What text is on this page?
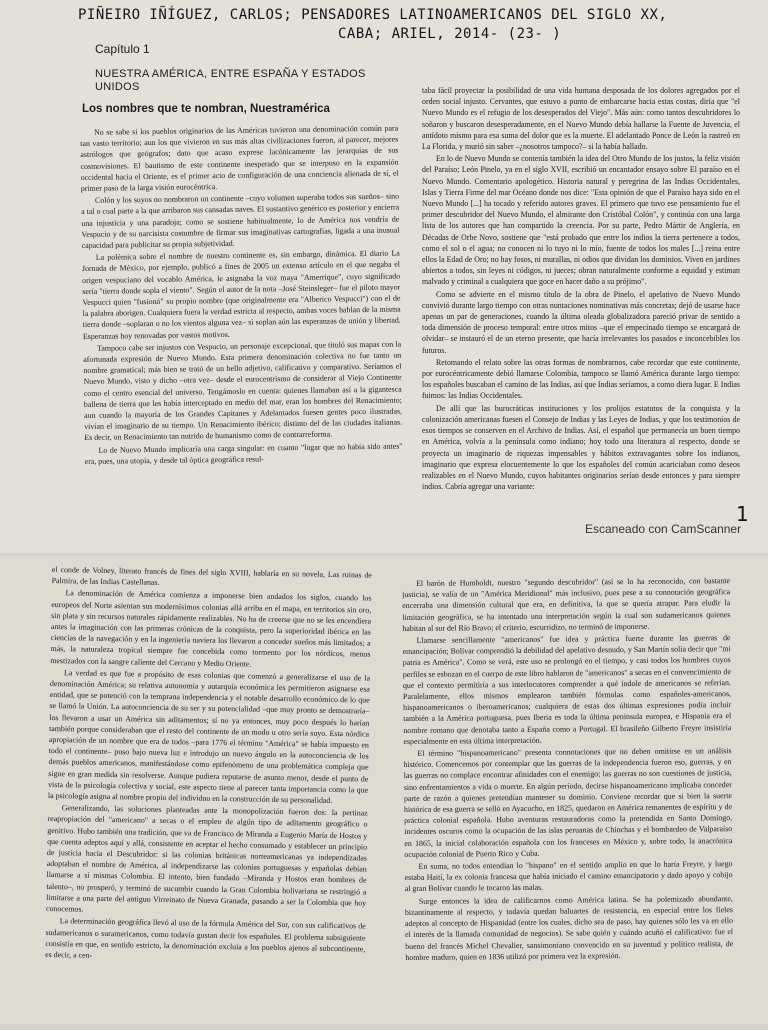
PIÑEIRO IÑÍGUEZ, CARLOS; PENSADORES LATINOAMERICANOS DEL SIGLO XX,
CABA; ARIEL, 2014- (23- )
Capítulo 1
NUESTRA AMÉRICA, ENTRE ESPAÑA Y ESTADOS UNIDOS
Los nombres que te nombran, Nuestramérica

No se sabe si los pueblos originarios de las Américas tuvieron una denominación común para tan vasto territorio; aun los que vivieron en sus más altas civilizaciones fueron, al parecer, mejores astrólogos que geógrafos; dato que acaso exprese lacónicamente las jerarquías de sus cosmovisiones. El bautismo de este continente inesperado que se interpuso en la expansión occidental hacia el Oriente, es el primer acto de configuración de una conciencia alienada de sí, el primer paso de la larga visión eurocéntrica.

Colón y los suyos no nombraron un continente –cuyo volumen superaba todos sus sueños– sino a tal o cual parte a la que arribaron sus cansadas naves. El sustantivo genérico es posterior y encierra una injusticia y una paradoja; como se sostiene habitualmente, lo de América nos vendría de Vespucio y de su narcisista costumbre de firmar sus imaginativas cartografías, ligada a una inusual capacidad para publicitar su propia subjetividad.

La polémica sobre el nombre de nuestro continente es, sin embargo, dinámica. El diario La Jornada de México, por ejemplo, publicó a fines de 2005 un extenso artículo en el que negaba el origen vespuciano del vocablo América, le asignaba la voz maya "Amerrique", cuyo significado sería "tierra donde sopla el viento". Según el autor de la nota –José Steinsleger– fue el piloto mayor Vespucci quien "fusionó" su propio nombre (que originalmente era "Alberico Vespucci") con el de la palabra aborigen. Cualquiera fuera la verdad estricta al respecto, ambas voces hablan de la misma tierra donde –soplaran o no los vientos alguna vez– sí soplan aún las esperanzas de unión y libertad. Esperanzas hoy renovadas por vastos motivos.

Tampoco cabe ser injustos con Vespucio, un personaje excepcional, que tituló sus mapas con la afortunada expresión de Nuevo Mundo. Esta primera denominación colectiva no fue tanto un nombre gramatical; más bien se trató de un bello adjetivo, calificativo y comparativo. Seríamos el Nuevo Mundo, visto y dicho –otra vez– desde el eurocentrismo de considerar al Viejo Continente como el centro esencial del universo. Tengámoslo en cuenta: quienes llamaban así a la gigantesca ballena de tierra que les había interceptado en medio del mar, eran los hombres del Renacimiento; aun cuando la mayoría de los Grandes Capitanes y Adelantados fuesen gentes poco ilustradas, vivían el imaginario de su tiempo. Un Renacimiento ibérico; distinto del de las ciudades italianas. Es decir, un Renacimiento tan nutrido de humanismo como de contrarreforma.

Lo de Nuevo Mundo implicaría una carga singular: en cuanto "lugar que no había sido antes" era, pues, una utopía, y desde tal óptica geográfica resul-

taba fácil proyectar la posibilidad de una vida humana desposada de los dolores agregados por el orden social injusto. Cervantes, que estuvo a punto de embarcarse hacia estas costas, diría que "el Nuevo Mundo es el refugio de los desesperados del Viejo". Más aún: como tantos descubridores lo soñaron y buscaron desesperadamente, en el Nuevo Mundo debía hallarse la Fuente de Juvencia, el antídoto mismo para esa suma del dolor que es la muerte. El adelantado Ponce de León la rastreó en La Florida, y murió sin saber –¿nosotros tampoco?– si la había hallado.

En lo de Nuevo Mundo se contenía también la idea del Otro Mundo de los justos, la feliz visión del Paraíso; León Pinelo, ya en el siglo XVII, escribió un encantador ensayo sobre El paraíso en el Nuevo Mundo. Comentario apologético. Historia natural y peregrina de las Indias Occidentales, Islas y Tierra Firme del mar Océano donde nos dice: "Esta opinión de que el Paraíso haya sido en el Nuevo Mundo [...] ha tocado y referido autores graves. El primero que tuvo ese pensamiento fue el primer descubridor del Nuevo Mundo, el almirante don Cristóbal Colón", y continúa con una larga lista de los autores que han compartido la creencia. Por su parte, Pedro Mártir de Anglería, en Décadas de Orbe Novo, sostiene que "está probado que entre los indios la tierra pertenece a todos, como el sol o el agua; no conocen ni lo tuyo ni lo mío, fuente de todos los males [...] reina entre ellos la Edad de Oro; no hay fosos, ni murallas, ni odios que dividan los dominios. Viven en jardines abiertos a todos, sin leyes ni códigos, ni jueces; obran naturalmente conforme a equidad y estiman malvado y criminal a cualquiera que goce en hacer daño a su prójimo".

Como se advierte en el mismo título de la obra de Pinelo, el apelativo de Nuevo Mundo convivió durante largo tiempo con otras nuntaciones nominativas más concretas; dejó de usarse hace apenas un par de generaciones, cuando la última oleada globalizadora pareció privar de sentido a toda dimensión de proceso temporal: entre otros mitos –que el empecinado tiempo se encargará de olvidar– se instauró el de un eterno presente, que hacía irrelevantes los pasados e inconcebibles los futuros.

Retomando el relato sobre las otras formas de nombrarnos, cabe recordar que este continente, por eurocéntricamente debió llamarse Colombia, tampoco se llamó América durante largo tiempo: los españoles buscaban el camino de las Indias, así que Indias seríamos, a como diera lugar. E Indias fuimos: las Indias Occidentales.

De allí que las burocráticas instituciones y los prolijos estatutos de la conquista y la colonización americanas fuesen el Consejo de Indias y las Leyes de Indias, y que los testimonios de esos tiempos se conserven en el Archivo de Indias. Así, el español que permanecía un buen tiempo en América, volvía a la península como indiano; hoy todo una literatura al respecto, donde se proyecta un imaginario de riquezas impensables y hábitos extravagantes sobre los indianos, imaginario que expresa elocuentemente lo que los españoles del común acariciaban como deseos realizables en el Nuevo Mundo, cuyos habitantes originarios serían desde entonces y para siempre indios. Cabría agregar una variante:

1
Escaneado con CamScanner

el conde de Volney, literato francés de fines del siglo XVIII, hablaría en su novela, Las ruinas de Palmira, de las Indias Castellanas.

La denominación de América comienza a imponerse bien andados los siglos, cuando los europeos del Norte asientan sus modernísimos colonias allá arriba en el mapa, en territorios sin oro, sin plata y sin recursos naturales rápidamente realizables. No ha de creerse que no se les encendiera antes la imaginación con las primeras crónicas de la conquista, pero la superioridad ibérica en las ciencias de la navegación y en la ingeniería naviera los llevaron a conceder sueños más limitados; a más, la naturaleza tropical siempre fue concebida como tormento por los nórdicos, menos mestizados con la sangre caliente del Cercano y Medio Oriente.

La verdad es que fue a propósito de esas colonias que comenzó a generalizarse el uso de la denominación América; su relativa autonomía y autarquía económica les permitieron asignarse esa entidad, que se potenció con la temprana independencia y el notable desarrollo económico de lo que se llamó la Unión. La autoconciencia de su ser y su potencialidad –que muy pronto se demostraría– los llevaron a usar un América sin aditamentos; sí no ya entonces, muy poco después lo harían también porque consideraban que el resto del continente de un modo u otro sería suyo. Esta nórdica apropiación de un nombre que era de todos –para 1776 el término "América" se había impuesto en todo el continente– puso bajo nueva luz e introdujo un nuevo ángulo en la autoconciencia de los demás pueblos americanos, manifestándose como epifenómeno de una problemática compleja que sigue en gran medida sin resolverse. Aunque pudiera reputarse de asunto menor, desde el punto de vista de la psicología colectiva y social, este aspecto tiene al parecer tanta importancia como la que la psicología asigna al nombre propio del individuo en la construcción de su personalidad.

Generalizando, las soluciones planteadas ante la monopolización fueron dos: la pertinaz reapropiación del "americano" a secas o el empleo de algún tipo de aditamento geográfico o genitivo. Hubo también una tradición, que va de Francisco de Miranda a Eugenio María de Hostos y que cuenta adeptos aquí y allá, consistente en aceptar el hecho consumado y establecer un principio de justicia hacia el Descubridor: si las colonias británicas norteamericanas ya independizadas adoptaban el nombre de América, al independizarse las colonias portuguesas y españolas debían llamarse a sí mismas Colombia. El intento, bien fundado –Miranda y Hostos eran hombres de talento–, no prosperó, y terminó de sucumbir cuando la Gran Colombia bolivariana se restringió a limitarse a una parte del antiguo Virreinato de Nueva Granada, pasando a ser la Colombia que hoy conocemos.

La determinación geográfica llevó al uso de la fórmula América del Sur, con sus calificativos de sudamericanos o suramericanos, como todavía gustan decir los españoles. El problema subsiguiente consistía en que, en sentido estricto, la denominación excluía a los pueblos ajenos al subcontinente, es decir, a cen-

El barón de Humboldt, nuestro "segundo descubridor" (así se lo ha reconocido, con bastante justicia), se valía de un "América Meridional" más inclusivo, pues pese a su connotación geográfica encerraba una dimensión cultural que era, en definitiva, la que se quería atrapar. Para eludir la limitación geográfica, se ha intentado una interpretación según la cual son sudamericanos quienes habitan al sur del Río Bravo; el criterio, escurridizo, no terminó de imponerse.

Llamarse sencillamente "americanos" fue idea y práctica fuerte durante las guerras de emancipación; Bolívar comprendió la debilidad del apelativo desnudo, y San Martín solía decir que "mi patria es América". Como se verá, este uso se prolongó en el tiempo, y casi todos los hombres cuyos perfiles se esbozan en el cuerpo de este libro hablaron de "americanos" a secas en el convencimiento de que el contexto permitiría a sus interlocutores comprender a qué índole de americanos se referían. Paralelamente, ellos mismos emplearon también fórmulas como españoles-americanos, hispanoamericanos o iberoamericanos; cualquiera de estas dos últimas expresiones podía incluir también a la América portuguesa, pues Iberia es toda la última peninsula europea, e Hispania era el nombre romano que denotaba tanto a España como a Portugal. El brasileño Gilberto Freyre insistiría especialmente en esta última interpretación.

El término "hispanoamericano" presenta connotaciones que no deben omitirse en un análisis histórico. Comencemos por contemplar que las guerras de la independencia fueron eso, guerras, y en las guerras no complace encontrar afinidades con el enemigo; las guerras no son cuestiones de justicia, sino enfrentamientos a vida o muerte. En algún período, decirse hispanoamericano implicaba conceder parte de razón a quienes pretendían mantener su dominio. Conviene recordar que si bien la suerte histórica de esa guerra se selló en Ayacucho, en 1825, quedaron en América remanentes de espíritu y de práctica colonial española. Hubo aventuras restauradoras como la pretendida en Santo Domingo, incidentes oscuros como la ocupación de las islas peruanas de Chinchas y el bombardeo de Valparaíso en 1865, la inicial colaboración española con los franceses en México y, sobre todo, la anacrónica ocupación colonial de Puerto Rico y Cuba.

En suma, no todos entendían lo "hispano" en el sentido amplio en que lo haría Freyre, y luego estaba Haití, la ex colonia francesa que había iniciado el camino emancipatorio y dado apoyo y cobijo al gran Bolívar cuando le tocaron las malas.

Surge entonces la idea de calificarnos como América latina. Se ha polemizado abundante, bizantinamente al respecto, y todavía quedan baluartes de resistencia, en especial entre los fieles adeptos al concepto de Hispanidad (entre los cuales, dicho sea de paso, hay quienes sólo les va en ello el interés de la llamada comunidad de negocios). Se sabe quién y cuándo acuñó el calificativo: fue el bueno del francés Michel Chevalier, sansimoniano convencido en su juventud y político realista, de hombre maduro, quien en 1836 utilizó por primera vez la expresión.
